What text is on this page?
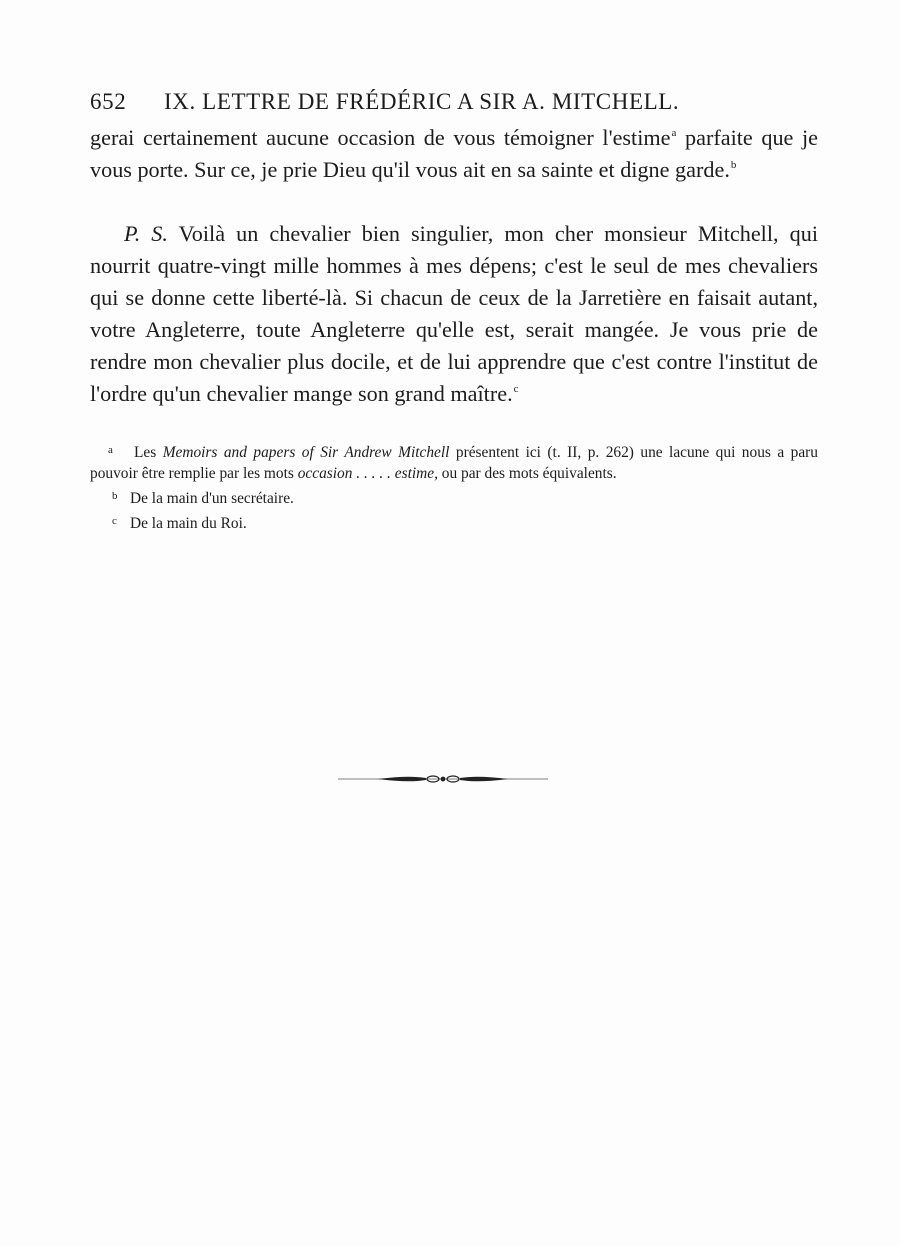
652	IX. LETTRE DE FRÉDÉRIC A SIR A. MITCHELL.

gerai certainement aucune occasion de vous témoigner l'estime$^a$ parfaite que je vous porte. Sur ce, je prie Dieu qu'il vous ait en sa sainte et digne garde.$^b$

P. S. Voilà un chevalier bien singulier, mon cher monsieur Mitchell, qui nourrit quatre-vingt mille hommes à mes dépens; c'est le seul de mes chevaliers qui se donne cette liberté-là. Si chacun de ceux de la Jarretière en faisait autant, votre Angleterre, toute Angleterre qu'elle est, serait mangée. Je vous prie de rendre mon chevalier plus docile, et de lui apprendre que c'est contre l'institut de l'ordre qu'un chevalier mange son grand maître.$^c$

a Les Memoirs and papers of Sir Andrew Mitchell présentent ici (t. II, p. 262) une lacune qui nous a paru pouvoir être remplie par les mots occasion . . . . . estime, ou par des mots équivalents.

b De la main d'un secrétaire.

c De la main du Roi.
